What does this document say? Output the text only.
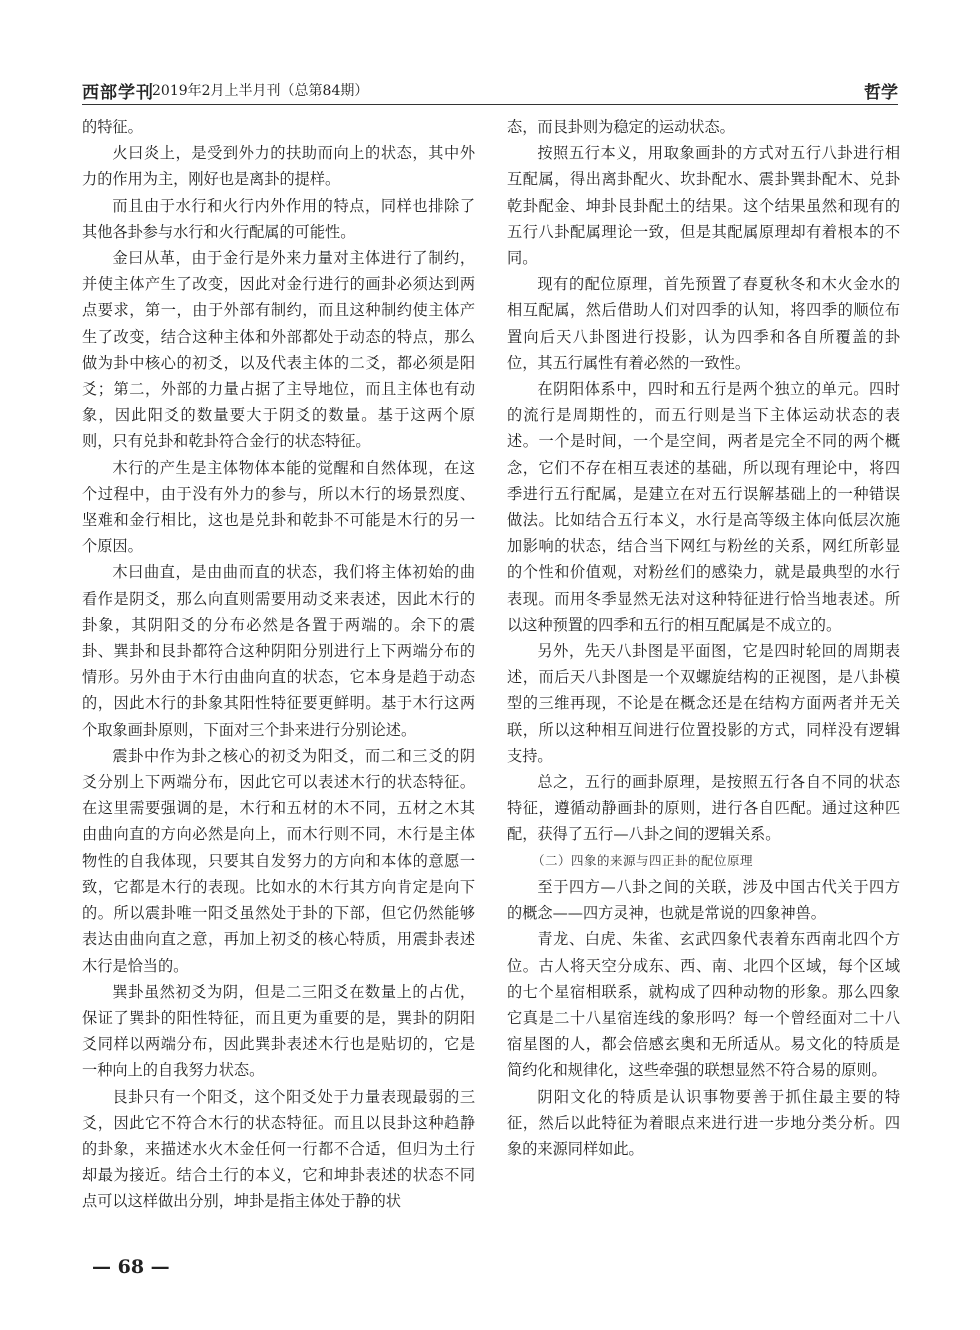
西部学刊
2019年2月上半月刊（总第84期）	哲学

的特征。

火曰炎上，是受到外力的扶助而向上的状态，其中外力的作用为主，刚好也是离卦的提样。

而且由于水行和火行内外作用的特点，同样也排除了其他各卦参与水行和火行配属的可能性。

金曰从革，由于金行是外来力量对主体进行了制约，并使主体产生了改变，因此对金行进行的画卦必须达到两点要求，第一，由于外部有制约，而且这种制约使主体产生了改变，结合这种主体和外部都处于动态的特点，那么做为卦中核心的初爻，以及代表主体的二爻，都必须是阳爻；第二，外部的力量占据了主导地位，而且主体也有动象，因此阳爻的数量要大于阴爻的数量。基于这两个原则，只有兑卦和乾卦符合金行的状态特征。

木行的产生是主体物体本能的觉醒和自然体现，在这个过程中，由于没有外力的参与，所以木行的场景烈度、坚难和金行相比，这也是兑卦和乾卦不可能是木行的另一个原因。

木曰曲直，是由曲而直的状态，我们将主体初始的曲看作是阴爻，那么向直则需要用动爻来表述，因此木行的卦象，其阴阳爻的分布必然是各置于两端的。余下的震卦、巽卦和艮卦都符合这种阴阳分别进行上下两端分布的情形。另外由于木行由曲向直的状态，它本身是趋于动态的，因此木行的卦象其阳性特征要更鲜明。基于木行这两个取象画卦原则，下面对三个卦来进行分别论述。

震卦中作为卦之核心的初爻为阳爻，而二和三爻的阴爻分别上下两端分布，因此它可以表述木行的状态特征。在这里需要强调的是，木行和五材的木不同，五材之木其由曲向直的方向必然是向上，而木行则不同，木行是主体物性的自我体现，只要其自发努力的方向和本体的意愿一致，它都是木行的表现。比如水的木行其方向肯定是向下的。所以震卦唯一阳爻虽然处于卦的下部，但它仍然能够表达由曲向直之意，再加上初爻的核心特质，用震卦表述木行是恰当的。

巽卦虽然初爻为阴，但是二三阳爻在数量上的占优，保证了巽卦的阳性特征，而且更为重要的是，巽卦的阴阳爻同样以两端分布，因此巽卦表述木行也是贴切的，它是一种向上的自我努力状态。

艮卦只有一个阳爻，这个阳爻处于力量表现最弱的三爻，因此它不符合木行的状态特征。而且以艮卦这种趋静的卦象，来描述水火木金任何一行都不合适，但归为土行却最为接近。结合土行的本义，它和坤卦表述的状态不同点可以这样做出分别，坤卦是指主体处于静的状

态，而艮卦则为稳定的运动状态。

按照五行本义，用取象画卦的方式对五行八卦进行相互配属，得出离卦配火、坎卦配水、震卦巽卦配木、兑卦乾卦配金、坤卦艮卦配土的结果。这个结果虽然和现有的五行八卦配属理论一致，但是其配属原理却有着根本的不同。

现有的配位原理，首先预置了春夏秋冬和木火金水的相互配属，然后借助人们对四季的认知，将四季的顺位布置向后天八卦图进行投影，认为四季和各自所覆盖的卦位，其五行属性有着必然的一致性。

在阴阳体系中，四时和五行是两个独立的单元。四时的流行是周期性的，而五行则是当下主体运动状态的表述。一个是时间，一个是空间，两者是完全不同的两个概念，它们不存在相互表述的基础，所以现有理论中，将四季进行五行配属，是建立在对五行误解基础上的一种错误做法。比如结合五行本义，水行是高等级主体向低层次施加影响的状态，结合当下网红与粉丝的关系，网红所彰显的个性和价值观，对粉丝们的感染力，就是最典型的水行表现。而用冬季显然无法对这种特征进行恰当地表述。所以这种预置的四季和五行的相互配属是不成立的。

另外，先天八卦图是平面图，它是四时轮回的周期表述，而后天八卦图是一个双螺旋结构的正视图，是八卦模型的三维再现，不论是在概念还是在结构方面两者并无关联，所以这种相互间进行位置投影的方式，同样没有逻辑支持。

总之，五行的画卦原理，是按照五行各自不同的状态特征，遵循动静画卦的原则，进行各自匹配。通过这种匹配，获得了五行—八卦之间的逻辑关系。

（二）四象的来源与四正卦的配位原理

至于四方—八卦之间的关联，涉及中国古代关于四方的概念——四方灵神，也就是常说的四象神兽。

青龙、白虎、朱雀、玄武四象代表着东西南北四个方位。古人将天空分成东、西、南、北四个区域，每个区域的七个星宿相联系，就构成了四种动物的形象。那么四象它真是二十八星宿连线的象形吗？每一个曾经面对二十八宿星图的人，都会倍感玄奥和无所适从。易文化的特质是简约化和规律化，这些牵强的联想显然不符合易的原则。

阴阳文化的特质是认识事物要善于抓住最主要的特征，然后以此特征为着眼点来进行进一步地分类分析。四象的来源同样如此。

— 68 —
